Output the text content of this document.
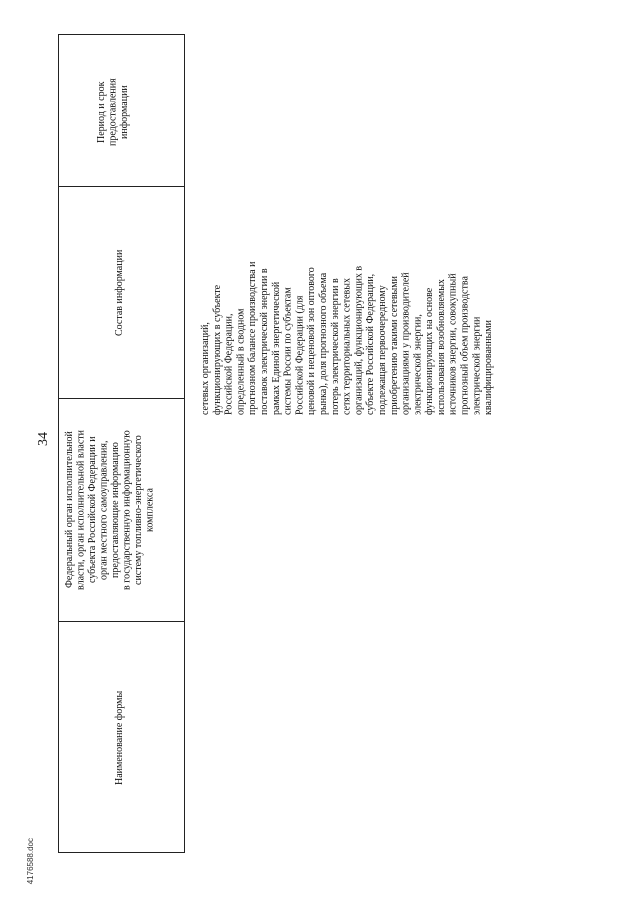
34
Период и срок предоставления информации
Состав информации
Федеральный орган исполнительной власти, орган исполнительной власти субъекта Российской Федерации и орган местного самоуправления, предоставляющие информацию в государственную информационную систему топливно-энергетического комплекса
Наименование формы
сетевых организаций, функционирующих в субъекте Российской Федерации, определенный в сводном прогнозном балансе производства и поставок электрической энергии в рамках Единой энергетической системы России по субъектам Российской Федерации (для ценовой и неценовой зон оптового рынка), доля прогнозного объема потерь электрической энергии в сетях территориальных сетевых организаций, функционирующих в субъекте Российской Федерации, подлежащая первоочередному приобретению такими сетевыми организациями у производителей электрической энергии, функционирующих на основе использования возобновляемых источников энергии, совокупный прогнозный объем производства электрической энергии квалифицированными
4176588.doc
